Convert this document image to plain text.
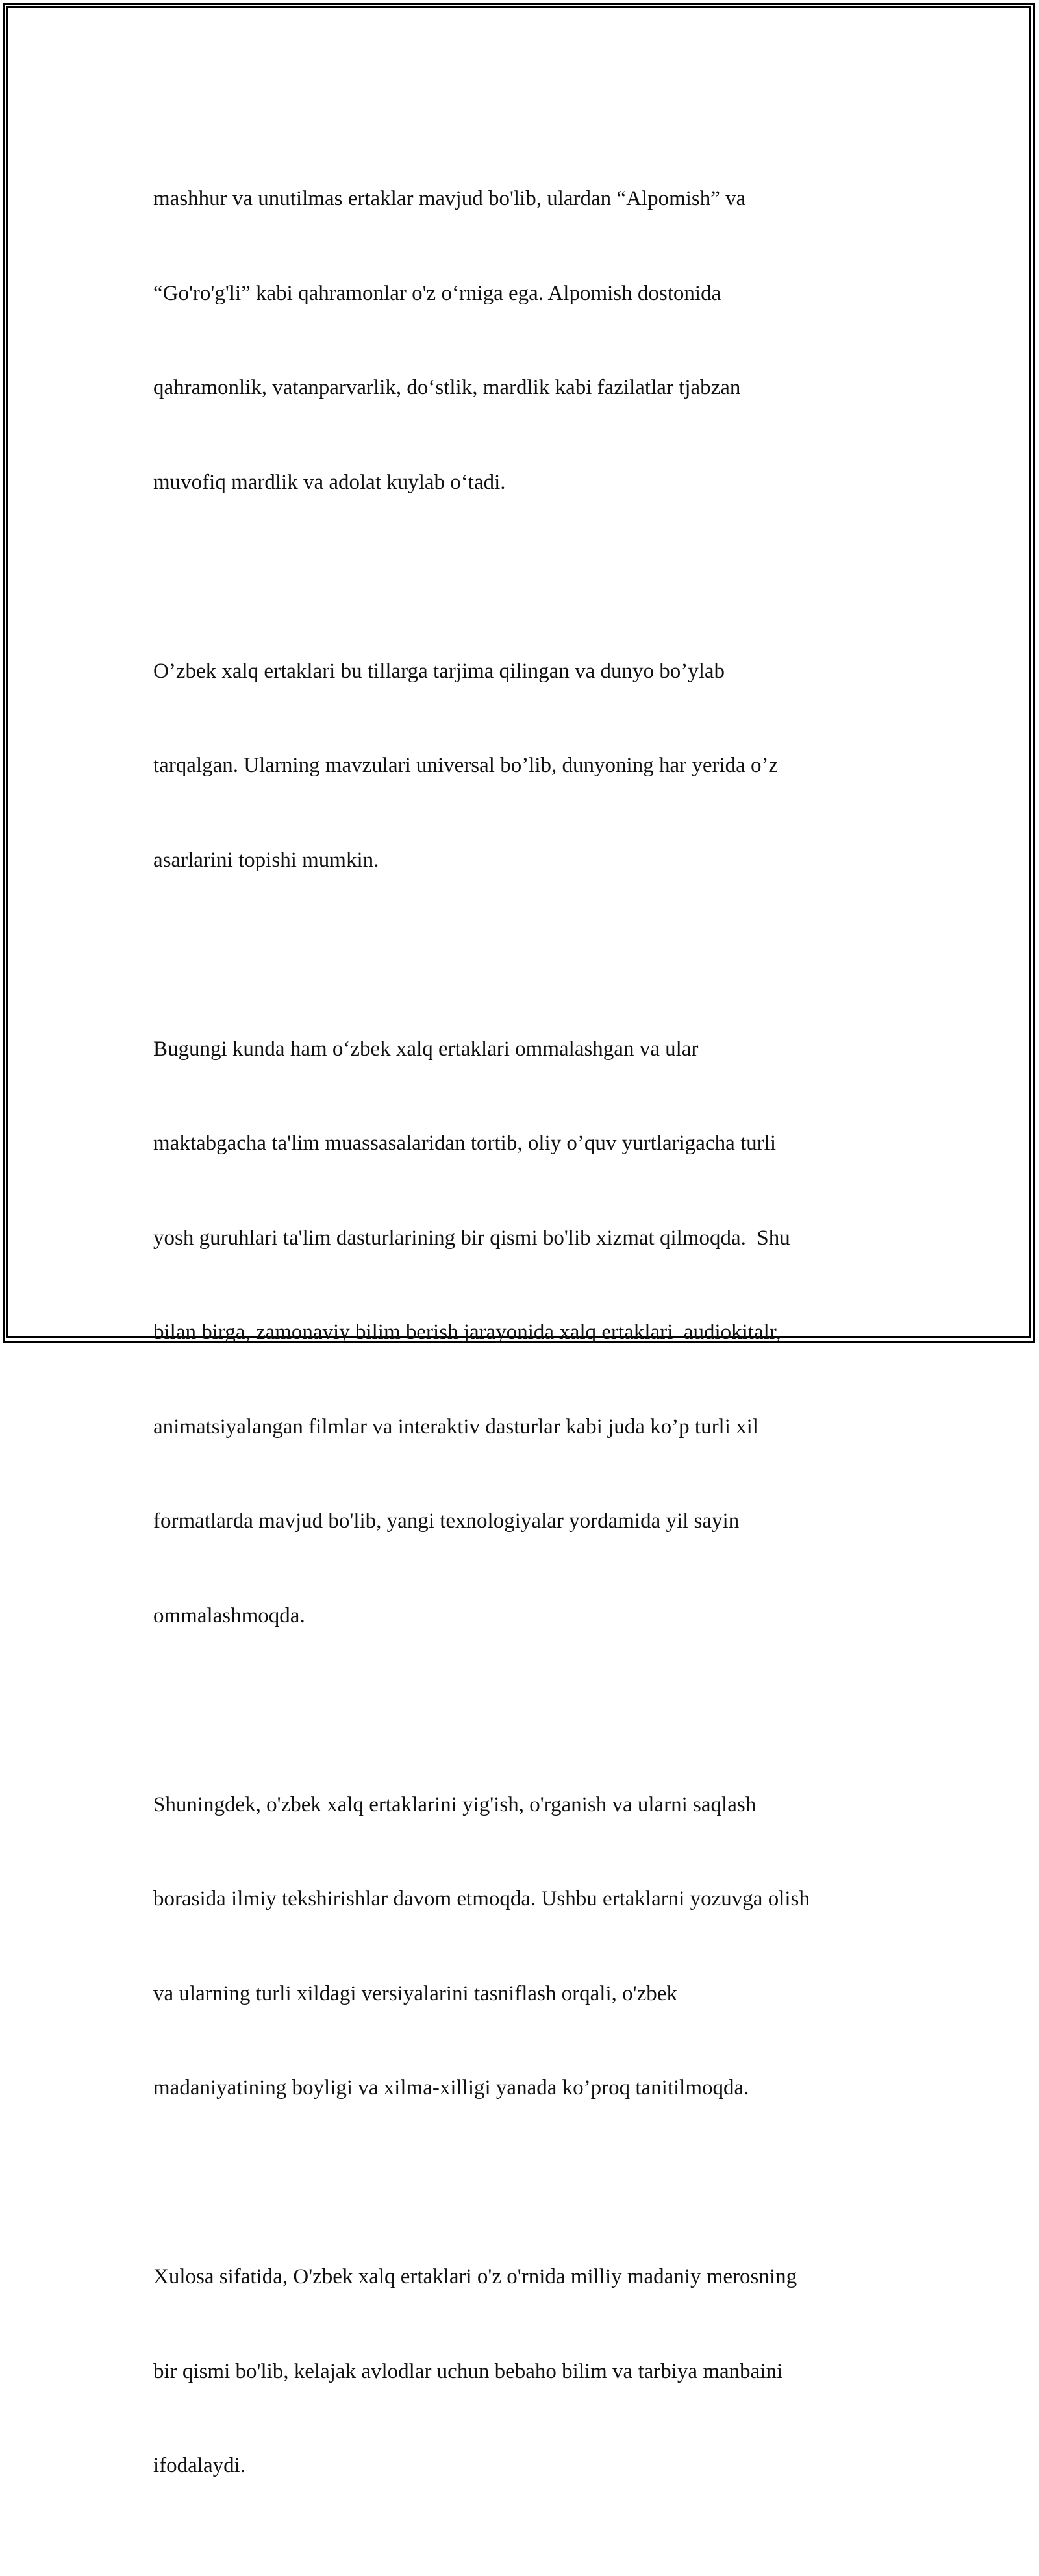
mashhur va unutilmas ertaklar mavjud bo'lib, ulardan “Alpomish” va

“Go'ro'g'li” kabi qahramonlar o'z o‘rniga ega. Alpomish dostonida

qahramonlik, vatanparvarlik, do‘stlik, mardlik kabi fazilatlar tjabzan

muvofiq mardlik va adolat kuylab o‘tadi.

O’zbek xalq ertaklari bu tillarga tarjima qilingan va dunyo bo’ylab

tarqalgan. Ularning mavzulari universal bo’lib, dunyoning har yerida o’z

asarlarini topishi mumkin.

Bugungi kunda ham o‘zbek xalq ertaklari ommalashgan va ular

maktabgacha ta'lim muassasalaridan tortib, oliy o’quv yurtlarigacha turli

yosh guruhlari ta'lim dasturlarining bir qismi bo'lib xizmat qilmoqda.  Shu

bilan birga, zamonaviy bilim berish jarayonida xalq ertaklari  audiokitalr,

animatsiyalangan filmlar va interaktiv dasturlar kabi juda ko’p turli xil

formatlarda mavjud bo'lib, yangi texnologiyalar yordamida yil sayin

ommalashmoqda.

Shuningdek, o'zbek xalq ertaklarini yig'ish, o'rganish va ularni saqlash

borasida ilmiy tekshirishlar davom etmoqda. Ushbu ertaklarni yozuvga olish

va ularning turli xildagi versiyalarini tasniflash orqali, o'zbek

madaniyatining boyligi va xilma-xilligi yanada ko’proq tanitilmoqda.

Xulosa sifatida, O'zbek xalq ertaklari o'z o'rnida milliy madaniy merosning

bir qismi bo'lib, kelajak avlodlar uchun bebaho bilim va tarbiya manbaini

ifodalaydi.
